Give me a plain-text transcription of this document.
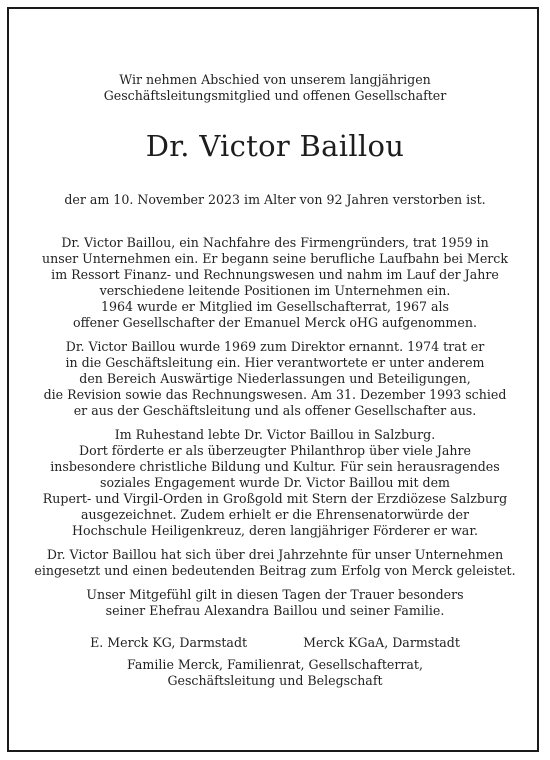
Wir nehmen Abschied von unserem langjährigen
Geschäftsleitungsmitglied und offenen Gesellschafter
Dr. Victor Baillou
der am 10. November 2023 im Alter von 92 Jahren verstorben ist.
Dr. Victor Baillou, ein Nachfahre des Firmengründers, trat 1959 in
unser Unternehmen ein. Er begann seine berufliche Laufbahn bei Merck
im Ressort Finanz- und Rechnungswesen und nahm im Lauf der Jahre
verschiedene leitende Positionen im Unternehmen ein.
1964 wurde er Mitglied im Gesellschafterrat, 1967 als
offener Gesellschafter der Emanuel Merck oHG aufgenommen.
Dr. Victor Baillou wurde 1969 zum Direktor ernannt. 1974 trat er
in die Geschäftsleitung ein. Hier verantwortete er unter anderem
den Bereich Auswärtige Niederlassungen und Beteiligungen,
die Revision sowie das Rechnungswesen. Am 31. Dezember 1993 schied
er aus der Geschäftsleitung und als offener Gesellschafter aus.
Im Ruhestand lebte Dr. Victor Baillou in Salzburg.
Dort förderte er als überzeugter Philanthrop über viele Jahre
insbesondere christliche Bildung und Kultur. Für sein herausragendes
soziales Engagement wurde Dr. Victor Baillou mit dem
Rupert- und Virgil-Orden in Großgold mit Stern der Erzdiözese Salzburg
ausgezeichnet. Zudem erhielt er die Ehrensenatorwürde der
Hochschule Heiligenkreuz, deren langjähriger Förderer er war.
Dr. Victor Baillou hat sich über drei Jahrzehnte für unser Unternehmen
eingesetzt und einen bedeutenden Beitrag zum Erfolg von Merck geleistet.
Unser Mitgefühl gilt in diesen Tagen der Trauer besonders
seiner Ehefrau Alexandra Baillou und seiner Familie.
E. Merck KG, Darmstadt	Merck KGaA, Darmstadt
Familie Merck, Familienrat, Gesellschafterrat,
Geschäftsleitung und Belegschaft
